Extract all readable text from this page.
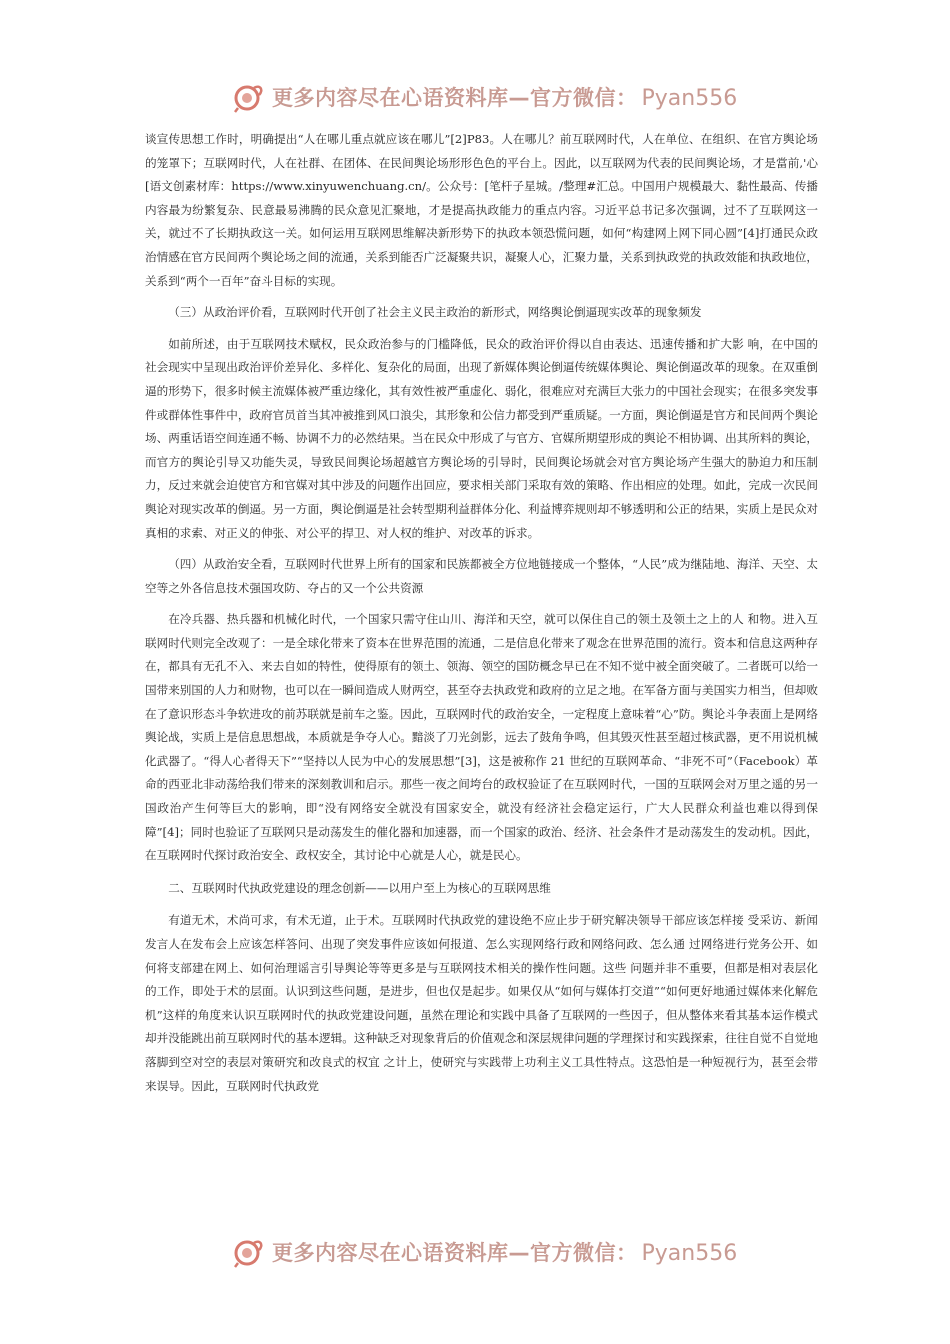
更多内容尽在心语资料库—官方微信： Pyan556

谈宣传思想工作时，明确提出“人在哪儿重点就应该在哪儿”[2]P83。人在哪儿？前互联网时代，人在单位、在组织、在官方舆论场的笼罩下；互联网时代，人在社群、在团体、在民间舆论场形形色色的平台上。因此，以互联网为代表的民间舆论场，才是當前,'心[语文创素材库：https://www.xinyuwenchuang.cn/。公众号：[笔杆子星城。/整理#汇总。中国用户规模最大、黏性最高、传播内容最为纷繁复杂、民意最易沸腾的民众意见汇聚地，才是提高执政能力的重点内容。习近平总书记多次强调，过不了互联网这一关，就过不了长期执政这一关。如何运用互联网思维解决新形势下的执政本领恐慌问题，如何“构建网上网下同心圆”[4]打通民众政治情感在官方民间两个舆论场之间的流通，关系到能否广泛凝聚共识，凝聚人心，汇聚力量，关系到执政党的执政效能和执政地位，关系到“两个一百年”奋斗目标的实现。

（三）从政治评价看，互联网时代开创了社会主义民主政治的新形式，网络舆论倒逼现实改革的现象频发

如前所述，由于互联网技术赋权，民众政治参与的门槛降低，民众的政治评价得以自由表达、迅速传播和扩大影 响，在中国的社会现实中呈现出政治评价差异化、多样化、复杂化的局面，出现了新媒体舆论倒逼传统媒体舆论、舆论倒逼改革的现象。在双重倒逼的形势下，很多时候主流媒体被严重边缘化，其有效性被严重虚化、弱化，很难应对充满巨大张力的中国社会现实；在很多突发事件或群体性事件中，政府官员首当其冲被推到风口浪尖，其形象和公信力都受到严重质疑。一方面，舆论倒逼是官方和民间两个舆论场、两重话语空间连通不畅、协调不力的必然结果。当在民众中形成了与官方、官媒所期望形成的舆论不相协调、出其所料的舆论，而官方的舆论引导又功能失灵，导致民间舆论场超越官方舆论场的引导时，民间舆论场就会对官方舆论场产生强大的胁迫力和压制力，反过来就会迫使官方和官媒对其中涉及的问题作出回应，要求相关部门采取有效的策略、作出相应的处理。如此，完成一次民间舆论对现实改革的倒逼。另一方面，舆论倒逼是社会转型期利益群体分化、利益博弈规则却不够透明和公正的结果，实质上是民众对真相的求索、对正义的伸张、对公平的捍卫、对人权的维护、对改革的诉求。

（四）从政治安全看，互联网时代世界上所有的国家和民族都被全方位地链接成一个整体，“人民”成为继陆地、海洋、天空、太空等之外各信息技术强国攻防、夺占的又一个公共资源

在冷兵器、热兵器和机械化时代，一个国家只需守住山川、海洋和天空，就可以保住自己的领土及领土之上的人 和物。进入互联网时代则完全改观了：一是全球化带来了资本在世界范围的流通，二是信息化带来了观念在世界范围的流行。资本和信息这两种存在，都具有无孔不入、来去自如的特性，使得原有的领土、领海、领空的国防概念早已在不知不觉中被全面突破了。二者既可以给一国带来别国的人力和财物，也可以在一瞬间造成人财两空，甚至夺去执政党和政府的立足之地。在军备方面与美国实力相当，但却败在了意识形态斗争软进攻的前苏联就是前车之鉴。因此，互联网时代的政治安全，一定程度上意味着“心”防。舆论斗争表面上是网络舆论战，实质上是信息思想战，本质就是争夺人心。黯淡了刀光剑影，远去了鼓角争鸣，但其毁灭性甚至超过核武器，更不用说机械化武器了。“得人心者得天下”“坚持以人民为中心的发展思想”[3]，这是被称作 21 世纪的互联网革命、“非死不可”（Facebook）革命的西亚北非动荡给我们带来的深刻教训和启示。那些一夜之间垮台的政权验证了在互联网时代，一国的互联网会对万里之遥的另一国政治产生何等巨大的影响，即“没有网络安全就没有国家安全，就没有经济社会稳定运行，广大人民群众利益也难以得到保障”[4]；同时也验证了互联网只是动荡发生的催化器和加速器，而一个国家的政治、经济、社会条件才是动荡发生的发动机。因此， 在互联网时代探讨政治安全、政权安全，其讨论中心就是人心，就是民心。

二、互联网时代执政党建设的理念创新——以用户至上为核心的互联网思维

有道无术，术尚可求，有术无道，止于术。互联网时代执政党的建设绝不应止步于研究解决领导干部应该怎样接 受采访、新闻发言人在发布会上应该怎样答问、出现了突发事件应该如何报道、怎么实现网络行政和网络问政、怎么通 过网络进行党务公开、如何将支部建在网上、如何治理谣言引导舆论等等更多是与互联网技术相关的操作性问题。这些 问题并非不重要，但都是相对表层化的工作，即处于术的层面。认识到这些问题，是进步，但也仅是起步。如果仅从“如何与媒体打交道”“如何更好地通过媒体来化解危机”这样的角度来认识互联网时代的执政党建设问题，虽然在理论和实践中具备了互联网的一些因子，但从整体来看其基本运作模式却并没能跳出前互联网时代的基本逻辑。这种缺乏对现象背后的价值观念和深层规律问题的学理探讨和实践探索，往往自觉不自觉地落脚到空对空的表层对策研究和改良式的权宜 之计上，使研究与实践带上功利主义工具性特点。这恐怕是一种短视行为，甚至会带来误导。因此，互联网时代执政党

更多内容尽在心语资料库—官方微信： Pyan556
